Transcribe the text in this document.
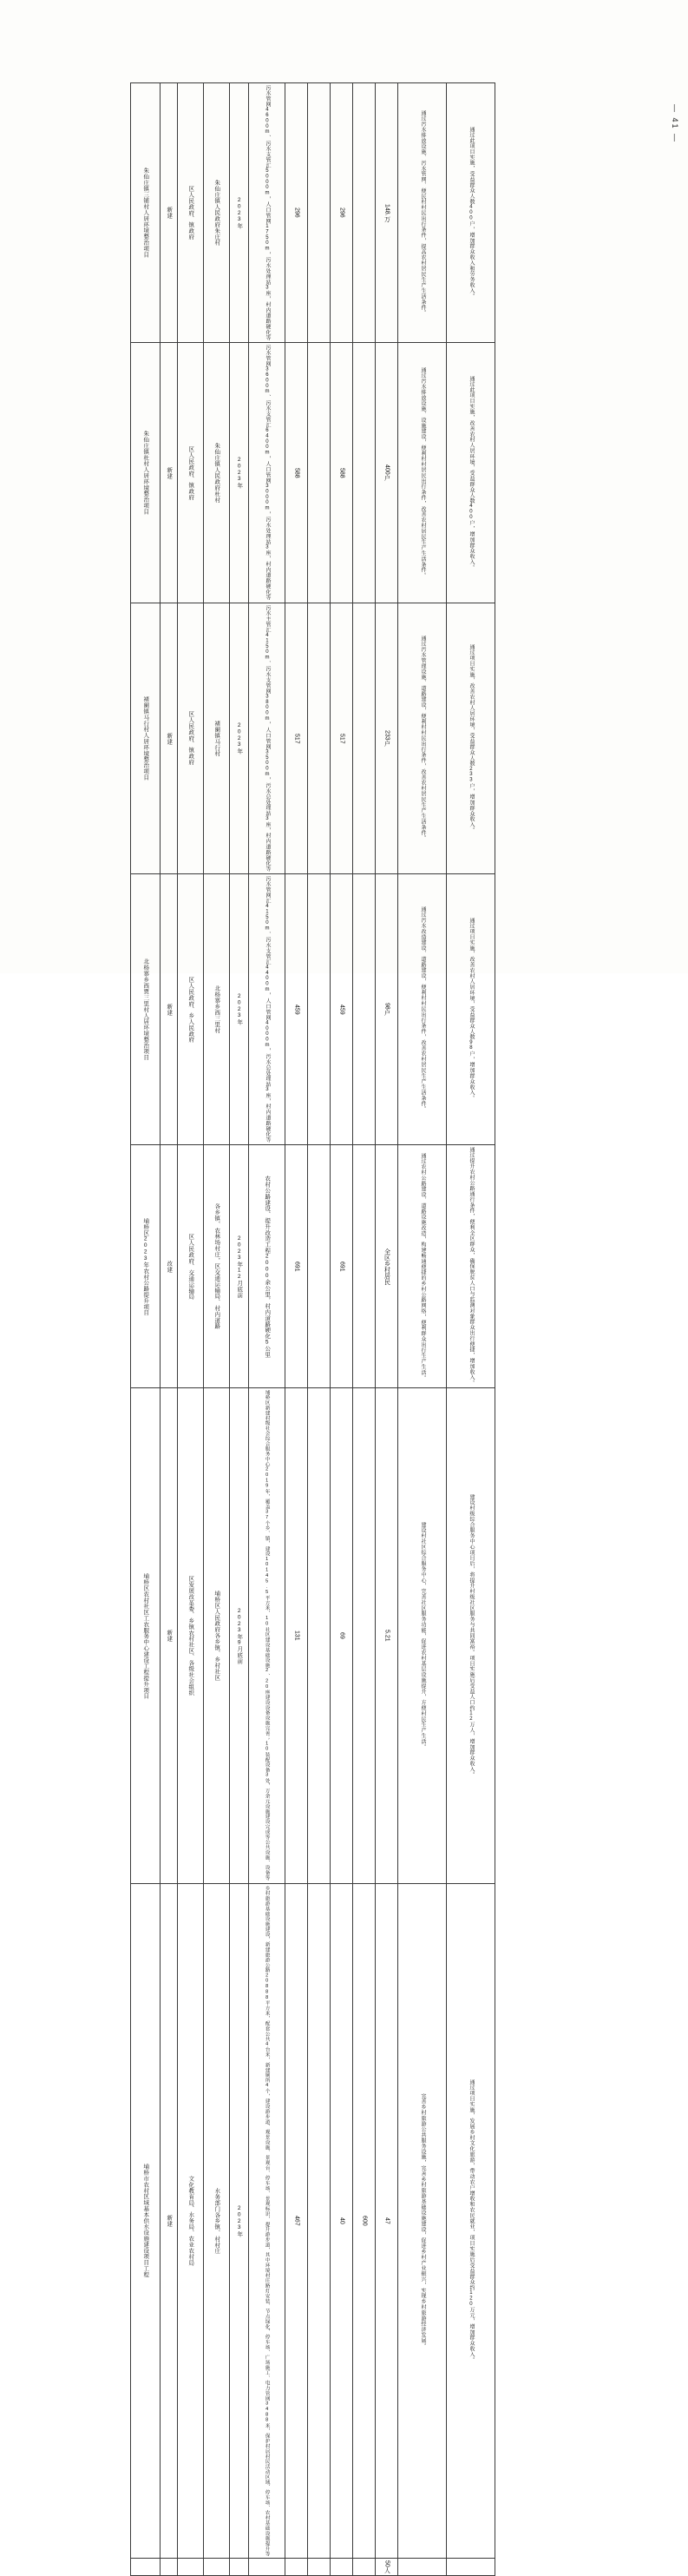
— 41 —
朱仙庄镇三铺村人居环境整治项目	新建	区人民政府、镇政府	朱仙庄镇人民政府朱庄村	2023年	污水管网4600m、污水支管汇5000m，人口管网1750m，污水处理站3座，村内道路硬化等	296		296		148.万	通过污水排放设施、污水管网、便民村村民出行条件，提高农村居民生产生活条件。	通过此项目实施，受益群众人数400户，增加群众收入和劳务收入。

朱仙庄镇杜村人居环境整治项目	新建	区人民政府、镇政府	朱仙庄镇人民政府杜村	2023年	污水管网3600m、污水支管汇6400m，人口管网3000m，污水处理站3座，村内道路硬化等	588		588		400户	通过污水排放设施、设施建设，便利村村居民出行条件，改善农村居民生产生活条件。	通过此项目实施，改善农村人居环境，受益群众人数400户，增加群众收入。

褚阑镇马行村人居环境整治项目	新建	区人民政府、镇政府	褚阑镇马行村	2023年	污水主管汇4150m、污水支管网3800m，人口管网3500m，污水总处理站3座，村内道路硬化等	517		517		233户	通过污水管理设施、道路建设，便利村村民出行条件，改善农村居民生产生活条件。	通过项目实施，改善农村人居环境，受益群众人数233户，增加群众收入。

北杨寨乡西贾三里村人居环境整治项目	新建	区人民政府、乡人民政府	北杨寨乡西三里村	2023年	污水管网汇4150m、污水支管汇4400m，人口管网4000m，污水总处理站3座，村内道路硬化等	459		459		98户	通过污水改造建设、道路建设，便利村村民出行条件，改善农村居民生产生活条件。	通过项目实施，改善农村人居环境，受益群众人数98户，增加群众收入。

埔桥区2023年农村公路提升项目	改建	区人民政府、交通运输局	各乡镇、农林场村庄，区交通运输局、村内道路	2023年12月底前	农村公路建设、提升改造工程2000余公里，村内道路硬化5公里	691		691		全区乡村居民	通过农村公路建设、道路设施改造，构建畅通便捷的乡村公路网络，便利群众出行生产生活。	通过提升农村公路通行条件，便利全区群众，确保脱贫人口与监测对象群众出行便捷，增加收入。

埔桥区农村社区工农服务中心建设工程提升项目	新建	区发展改革委、乡镇农村社区、各级社会组织	埔桥区人民政府各乡镇、乡村社区	2023年9月底前	埔桥区新建村级社会综合服务中心2019年，覆盖37个乡、镇，建设10145.5平方米，10社区建设基础设施2、20座建设设备设施完善；10装配设备3处，万余元设施建设完成等公共设施、设备等	131		69		5.21	建设村社区综合服务中心，完善社区服务功能，促进农村基层设施提升，方便村民生产生活。	建设村级综合服务中心项目后，将提升村级社区服务与共同富裕。项目实施后受益人口约12万人，增加群众收入。

埔桥市农村区域基本供水设施建设项目工程	新建	文化教育局、水务局、农业农村局	水务部门各乡镇、村村庄	2023年	乡村旅游基础设施建设，新建旅游公路20888平方米，配套公共4台米，新建厕所4个，建设游步道、观景设施、景观台、停车场、景观标识，提升游步道，其中环境村庄路灯安装、节点绿化，停车场、广场施工、电力管网3488米，保护村居村民活动区域、停车场、农村基础设施提升等	467		40	600	47	完善乡村旅游公共服务设施，完善乡村旅游基础设施建设，促进乡村产业振兴，实现乡村旅游经济发展。	通过项目实施，发展乡村文化旅游，带动农户增收和农民就业，项目实施后受益群众约120万元，增加群众收入。

										50人		
